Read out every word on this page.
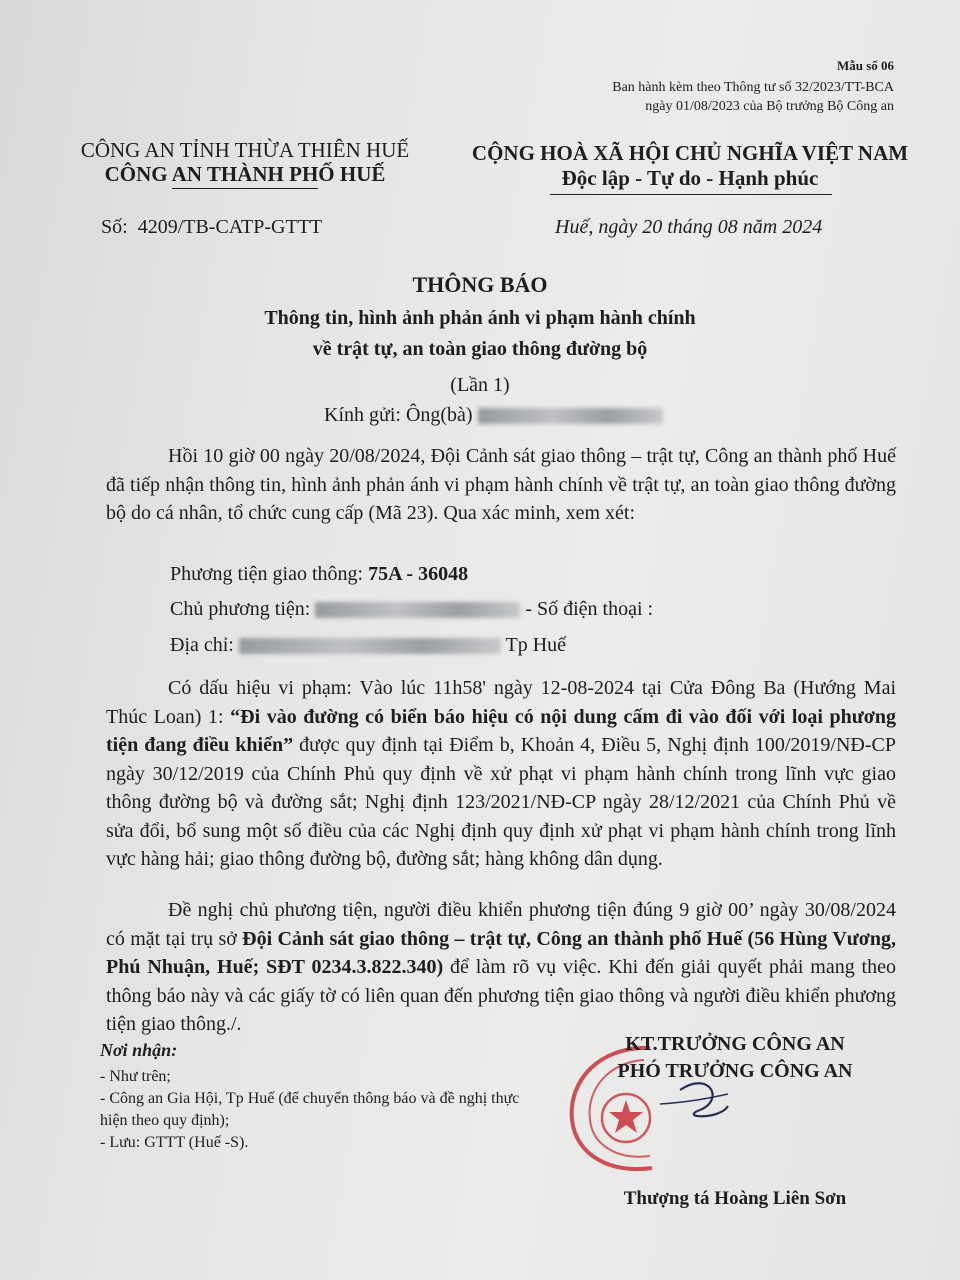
Mẫu số 06
Ban hành kèm theo Thông tư số 32/2023/TT-BCA
ngày 01/08/2023 của Bộ trưởng Bộ Công an
CÔNG AN TỈNH THỪA THIÊN HUẾ
CÔNG AN THÀNH PHỐ HUẾ
CỘNG HOÀ XÃ HỘI CHỦ NGHĨA VIỆT NAM
Độc lập - Tự do - Hạnh phúc
Số: 4209/TB-CATP-GTTT	Huế, ngày 20 tháng 08 năm 2024
THÔNG BÁO
Thông tin, hình ảnh phản ánh vi phạm hành chính
về trật tự, an toàn giao thông đường bộ
(Lần 1)
Kính gửi: Ông(bà)
Hồi 10 giờ 00 ngày 20/08/2024, Đội Cảnh sát giao thông – trật tự, Công an thành phố Huế đã tiếp nhận thông tin, hình ảnh phản ánh vi phạm hành chính về trật tự, an toàn giao thông đường bộ do cá nhân, tổ chức cung cấp (Mã 23). Qua xác minh, xem xét:
Phương tiện giao thông: 75A - 36048
Chủ phương tiện:	- Số điện thoại :
Địa chỉ:	Tp Huế
Có dấu hiệu vi phạm: Vào lúc 11h58' ngày 12-08-2024 tại Cửa Đông Ba (Hướng Mai Thúc Loan) 1: “Đi vào đường có biển báo hiệu có nội dung cấm đi vào đối với loại phương tiện đang điều khiển” được quy định tại Điểm b, Khoản 4, Điều 5, Nghị định 100/2019/NĐ-CP ngày 30/12/2019 của Chính Phủ quy định về xử phạt vi phạm hành chính trong lĩnh vực giao thông đường bộ và đường sắt; Nghị định 123/2021/NĐ-CP ngày 28/12/2021 của Chính Phủ về sửa đổi, bổ sung một số điều của các Nghị định quy định xử phạt vi phạm hành chính trong lĩnh vực hàng hải; giao thông đường bộ, đường sắt; hàng không dân dụng.
Đề nghị chủ phương tiện, người điều khiển phương tiện đúng 9 giờ 00’ ngày 30/08/2024 có mặt tại trụ sở Đội Cảnh sát giao thông – trật tự, Công an thành phố Huế (56 Hùng Vương, Phú Nhuận, Huế; SĐT 0234.3.822.340) để làm rõ vụ việc. Khi đến giải quyết phải mang theo thông báo này và các giấy tờ có liên quan đến phương tiện giao thông và người điều khiển phương tiện giao thông./.
Nơi nhận:
- Như trên;
- Công an Gia Hội, Tp Huế (để chuyển thông báo và đề nghị thực hiện theo quy định);
- Lưu: GTTT (Huế -S).
KT.TRƯỞNG CÔNG AN
PHÓ TRƯỞNG CÔNG AN
Thượng tá Hoàng Liên Sơn
